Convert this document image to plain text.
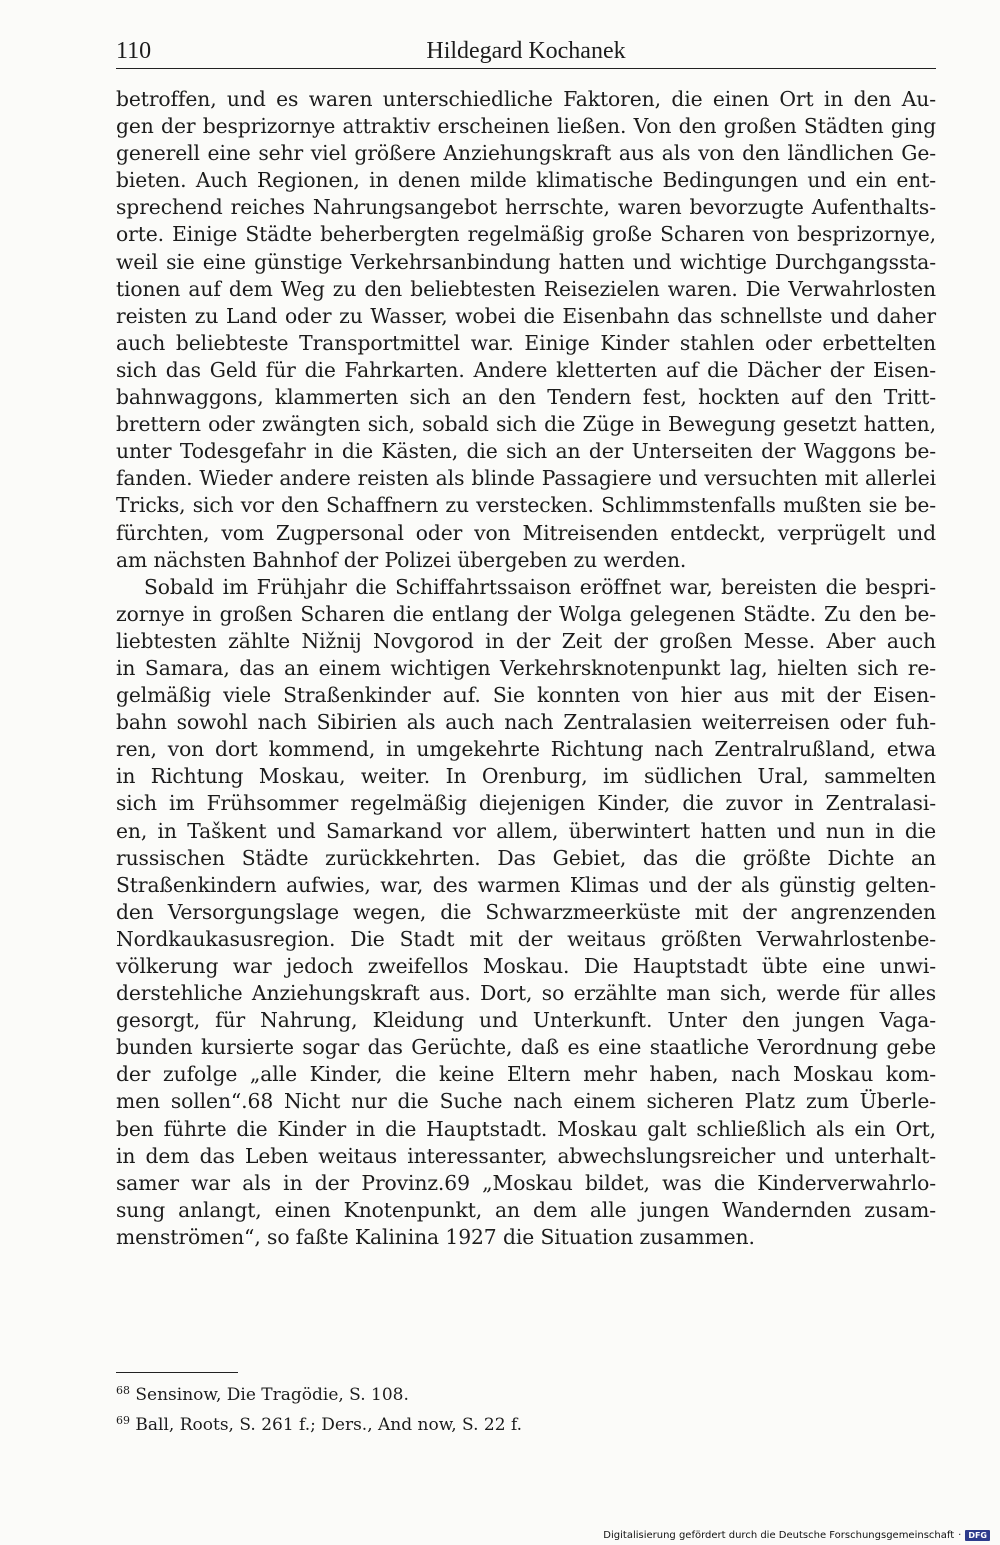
110	Hildegard Kochanek
betroffen, und es waren unterschiedliche Faktoren, die einen Ort in den Au-
gen der besprizornye attraktiv erscheinen ließen. Von den großen Städten ging
generell eine sehr viel größere Anziehungskraft aus als von den ländlichen Ge-
bieten. Auch Regionen, in denen milde klimatische Bedingungen und ein ent-
sprechend reiches Nahrungsangebot herrschte, waren bevorzugte Aufenthalts-
orte. Einige Städte beherbergten regelmäßig große Scharen von besprizornye,
weil sie eine günstige Verkehrsanbindung hatten und wichtige Durchgangssta-
tionen auf dem Weg zu den beliebtesten Reisezielen waren. Die Verwahrlosten
reisten zu Land oder zu Wasser, wobei die Eisenbahn das schnellste und daher
auch beliebteste Transportmittel war. Einige Kinder stahlen oder erbettelten
sich das Geld für die Fahrkarten. Andere kletterten auf die Dächer der Eisen-
bahnwaggons, klammerten sich an den Tendern fest, hockten auf den Tritt-
brettern oder zwängten sich, sobald sich die Züge in Bewegung gesetzt hatten,
unter Todesgefahr in die Kästen, die sich an der Unterseiten der Waggons be-
fanden. Wieder andere reisten als blinde Passagiere und versuchten mit allerlei
Tricks, sich vor den Schaffnern zu verstecken. Schlimmstenfalls mußten sie be-
fürchten, vom Zugpersonal oder von Mitreisenden entdeckt, verprügelt und
am nächsten Bahnhof der Polizei übergeben zu werden.
Sobald im Frühjahr die Schiffahrtssaison eröffnet war, bereisten die bespri-
zornye in großen Scharen die entlang der Wolga gelegenen Städte. Zu den be-
liebtesten zählte Nižnij Novgorod in der Zeit der großen Messe. Aber auch
in Samara, das an einem wichtigen Verkehrsknotenpunkt lag, hielten sich re-
gelmäßig viele Straßenkinder auf. Sie konnten von hier aus mit der Eisen-
bahn sowohl nach Sibirien als auch nach Zentralasien weiterreisen oder fuh-
ren, von dort kommend, in umgekehrte Richtung nach Zentralrußland, etwa
in Richtung Moskau, weiter. In Orenburg, im südlichen Ural, sammelten
sich im Frühsommer regelmäßig diejenigen Kinder, die zuvor in Zentralasi-
en, in Taškent und Samarkand vor allem, überwintert hatten und nun in die
russischen Städte zurückkehrten. Das Gebiet, das die größte Dichte an
Straßenkindern aufwies, war, des warmen Klimas und der als günstig gelten-
den Versorgungslage wegen, die Schwarzmeerküste mit der angrenzenden
Nordkaukasusregion. Die Stadt mit der weitaus größten Verwahrlostenbe-
völkerung war jedoch zweifellos Moskau. Die Hauptstadt übte eine unwi-
derstehliche Anziehungskraft aus. Dort, so erzählte man sich, werde für alles
gesorgt, für Nahrung, Kleidung und Unterkunft. Unter den jungen Vaga-
bunden kursierte sogar das Gerüchte, daß es eine staatliche Verordnung gebe
der zufolge „alle Kinder, die keine Eltern mehr haben, nach Moskau kom-
men sollen“.68 Nicht nur die Suche nach einem sicheren Platz zum Überle-
ben führte die Kinder in die Hauptstadt. Moskau galt schließlich als ein Ort,
in dem das Leben weitaus interessanter, abwechslungsreicher und unterhalt-
samer war als in der Provinz.69 „Moskau bildet, was die Kinderverwahrlo-
sung anlangt, einen Knotenpunkt, an dem alle jungen Wandernden zusam-
menströmen“, so faßte Kalinina 1927 die Situation zusammen.
$^{68}$ Sensinow, Die Tragödie, S. 108.
$^{69}$ Ball, Roots, S. 261 f.; Ders., And now, S. 22 f.
Digitalisierung gefördert durch die Deutsche Forschungsgemeinschaft · DFG
